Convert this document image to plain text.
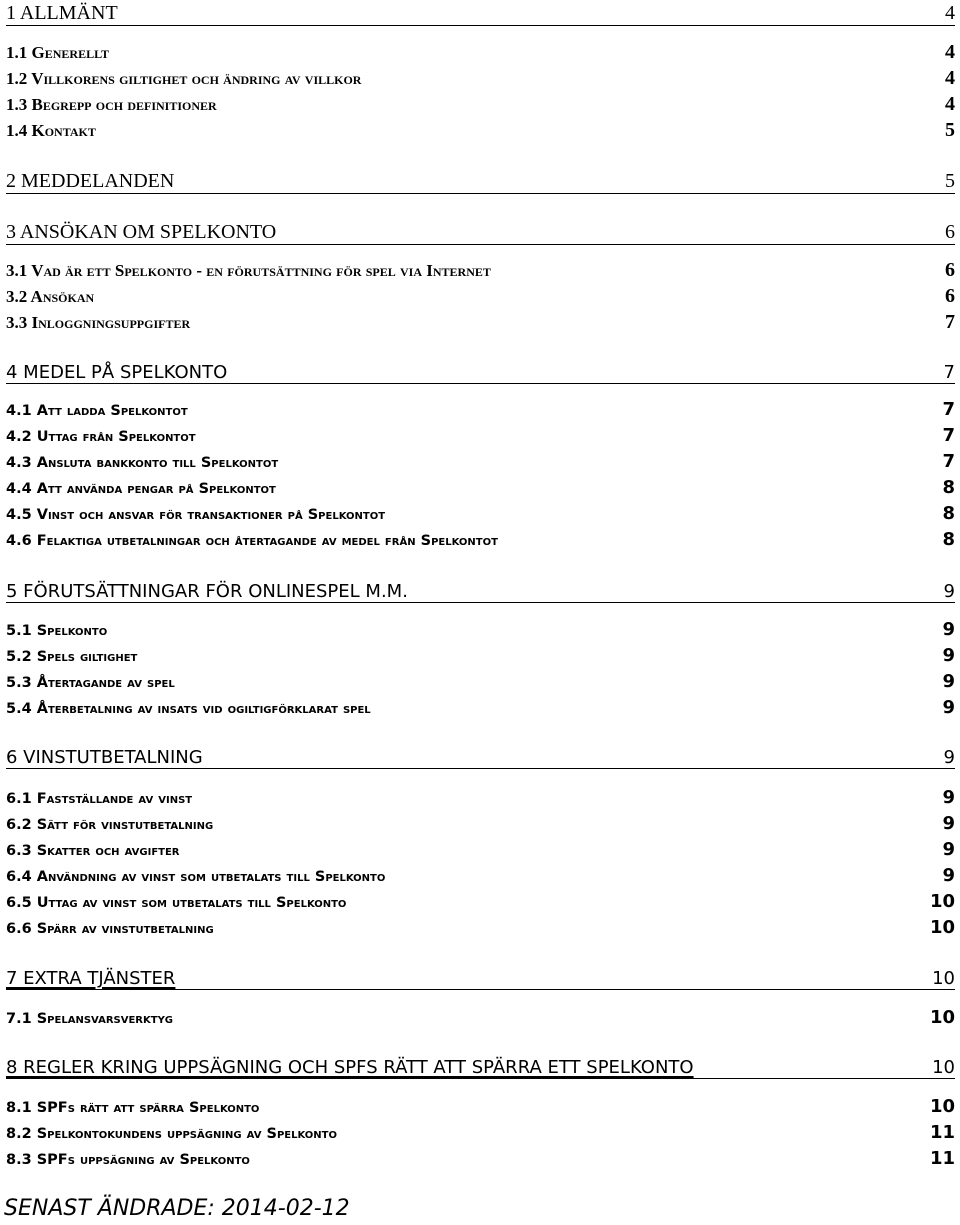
1 ALLMÄNT	4
1.1 Generellt	4
1.2 Villkorens giltighet och ändring av villkor	4
1.3 Begrepp och definitioner	4
1.4 Kontakt	5
2 MEDDELANDEN	5
3 ANSÖKAN OM SPELKONTO	6
3.1 Vad är ett Spelkonto - en förutsättning för spel via Internet	6
3.2 Ansökan	6
3.3 Inloggningsuppgifter	7
4 MEDEL PÅ SPELKONTO	7
4.1 Att ladda Spelkontot	7
4.2 Uttag från Spelkontot	7
4.3 Ansluta bankkonto till Spelkontot	7
4.4 Att använda pengar på Spelkontot	8
4.5 Vinst och ansvar för transaktioner på Spelkontot	8
4.6 Felaktiga utbetalningar och återtagande av medel från Spelkontot	8
5 FÖRUTSÄTTNINGAR FÖR ONLINESPEL M.M.	9
5.1 Spelkonto	9
5.2 Spels giltighet	9
5.3 Återtagande av spel	9
5.4 Återbetalning av insats vid ogiltigförklarat spel	9
6 VINSTUTBETALNING	9
6.1 Fastställande av vinst	9
6.2 Sätt för vinstutbetalning	9
6.3 Skatter och avgifter	9
6.4 Användning av vinst som utbetalats till Spelkonto	9
6.5 Uttag av vinst som utbetalats till Spelkonto	10
6.6 Spärr av vinstutbetalning	10
7 EXTRA TJÄNSTER	10
7.1 Spelansvarsverktyg	10
8 REGLER KRING UPPSÄGNING OCH SPFS RÄTT ATT SPÄRRA ETT SPELKONTO	10
8.1 SPFs rätt att spärra Spelkonto	10
8.2 Spelkontokundens uppsägning av Spelkonto	11
8.3 SPFs uppsägning av Spelkonto	11
SENAST ÄNDRADE: 2014-02-12
